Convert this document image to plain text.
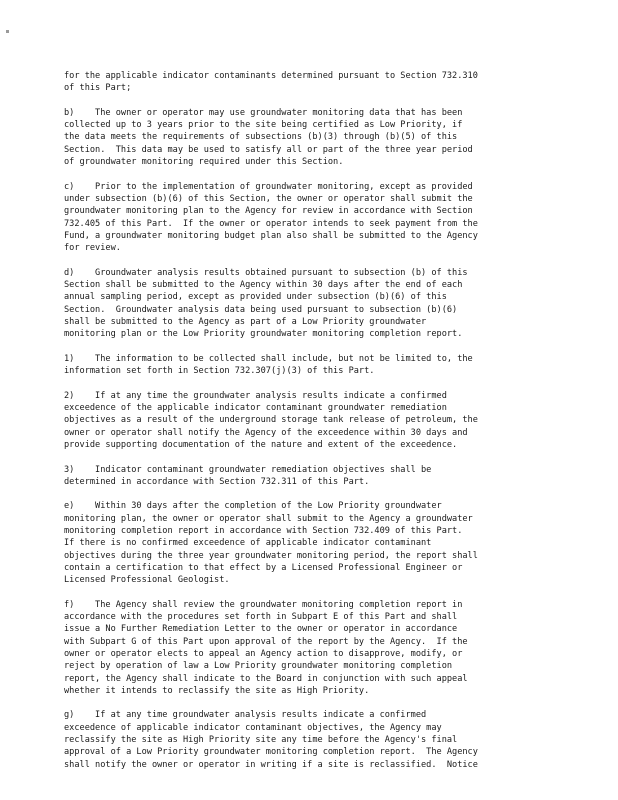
for the applicable indicator contaminants determined pursuant to Section 732.310
of this Part;
b)    The owner or operator may use groundwater monitoring data that has been
collected up to 3 years prior to the site being certified as Low Priority, if
the data meets the requirements of subsections (b)(3) through (b)(5) of this
Section.  This data may be used to satisfy all or part of the three year period
of groundwater monitoring required under this Section.
c)    Prior to the implementation of groundwater monitoring, except as provided
under subsection (b)(6) of this Section, the owner or operator shall submit the
groundwater monitoring plan to the Agency for review in accordance with Section
732.405 of this Part.  If the owner or operator intends to seek payment from the
Fund, a groundwater monitoring budget plan also shall be submitted to the Agency
for review.
d)    Groundwater analysis results obtained pursuant to subsection (b) of this
Section shall be submitted to the Agency within 30 days after the end of each
annual sampling period, except as provided under subsection (b)(6) of this
Section.  Groundwater analysis data being used pursuant to subsection (b)(6)
shall be submitted to the Agency as part of a Low Priority groundwater
monitoring plan or the Low Priority groundwater monitoring completion report.
1)    The information to be collected shall include, but not be limited to, the
information set forth in Section 732.307(j)(3) of this Part.
2)    If at any time the groundwater analysis results indicate a confirmed
exceedence of the applicable indicator contaminant groundwater remediation
objectives as a result of the underground storage tank release of petroleum, the
owner or operator shall notify the Agency of the exceedence within 30 days and
provide supporting documentation of the nature and extent of the exceedence.
3)    Indicator contaminant groundwater remediation objectives shall be
determined in accordance with Section 732.311 of this Part.
e)    Within 30 days after the completion of the Low Priority groundwater
monitoring plan, the owner or operator shall submit to the Agency a groundwater
monitoring completion report in accordance with Section 732.409 of this Part.
If there is no confirmed exceedence of applicable indicator contaminant
objectives during the three year groundwater monitoring period, the report shall
contain a certification to that effect by a Licensed Professional Engineer or
Licensed Professional Geologist.
f)    The Agency shall review the groundwater monitoring completion report in
accordance with the procedures set forth in Subpart E of this Part and shall
issue a No Further Remediation Letter to the owner or operator in accordance
with Subpart G of this Part upon approval of the report by the Agency.  If the
owner or operator elects to appeal an Agency action to disapprove, modify, or
reject by operation of law a Low Priority groundwater monitoring completion
report, the Agency shall indicate to the Board in conjunction with such appeal
whether it intends to reclassify the site as High Priority.
g)    If at any time groundwater analysis results indicate a confirmed
exceedence of applicable indicator contaminant objectives, the Agency may
reclassify the site as High Priority site any time before the Agency's final
approval of a Low Priority groundwater monitoring completion report.  The Agency
shall notify the owner or operator in writing if a site is reclassified.  Notice
